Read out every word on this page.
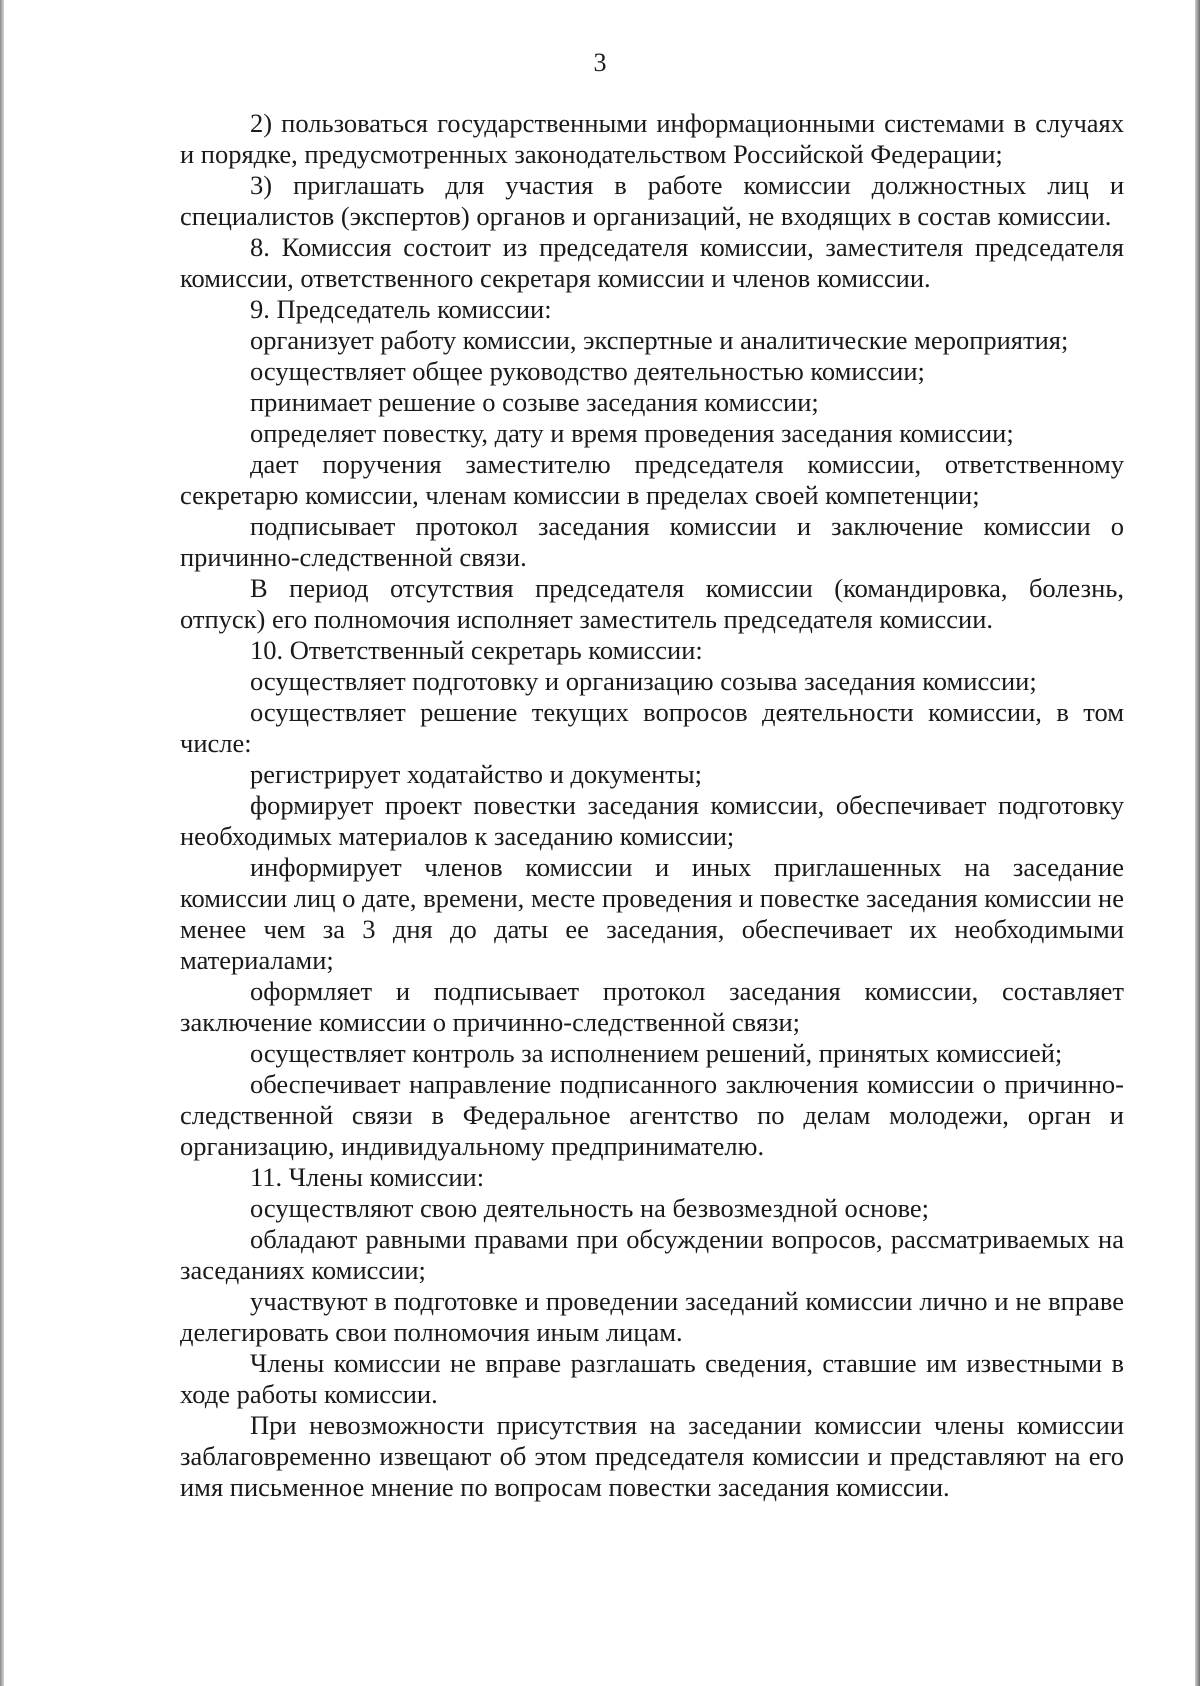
3

2) пользоваться государственными информационными системами в случаях и порядке, предусмотренных законодательством Российской Федерации;

3) приглашать для участия в работе комиссии должностных лиц и специалистов (экспертов) органов и организаций, не входящих в состав комиссии.

8. Комиссия состоит из председателя комиссии, заместителя председателя комиссии, ответственного секретаря комиссии и членов комиссии.

9. Председатель комиссии:

организует работу комиссии, экспертные и аналитические мероприятия;

осуществляет общее руководство деятельностью комиссии;

принимает решение о созыве заседания комиссии;

определяет повестку, дату и время проведения заседания комиссии;

дает поручения заместителю председателя комиссии, ответственному секретарю комиссии, членам комиссии в пределах своей компетенции;

подписывает протокол заседания комиссии и заключение комиссии о причинно-следственной связи.

В период отсутствия председателя комиссии (командировка, болезнь, отпуск) его полномочия исполняет заместитель председателя комиссии.

10. Ответственный секретарь комиссии:

осуществляет подготовку и организацию созыва заседания комиссии;

осуществляет решение текущих вопросов деятельности комиссии, в том числе:

регистрирует ходатайство и документы;

формирует проект повестки заседания комиссии, обеспечивает подготовку необходимых материалов к заседанию комиссии;

информирует членов комиссии и иных приглашенных на заседание комиссии лиц о дате, времени, месте проведения и повестке заседания комиссии не менее чем за 3 дня до даты ее заседания, обеспечивает их необходимыми материалами;

оформляет и подписывает протокол заседания комиссии, составляет заключение комиссии о причинно-следственной связи;

осуществляет контроль за исполнением решений, принятых комиссией;

обеспечивает направление подписанного заключения комиссии о причинно-следственной связи в Федеральное агентство по делам молодежи, орган и организацию, индивидуальному предпринимателю.

11. Члены комиссии:

осуществляют свою деятельность на безвозмездной основе;

обладают равными правами при обсуждении вопросов, рассматриваемых на заседаниях комиссии;

участвуют в подготовке и проведении заседаний комиссии лично и не вправе делегировать свои полномочия иным лицам.

Члены комиссии не вправе разглашать сведения, ставшие им известными в ходе работы комиссии.

При невозможности присутствия на заседании комиссии члены комиссии заблаговременно извещают об этом председателя комиссии и представляют на его имя письменное мнение по вопросам повестки заседания комиссии.
